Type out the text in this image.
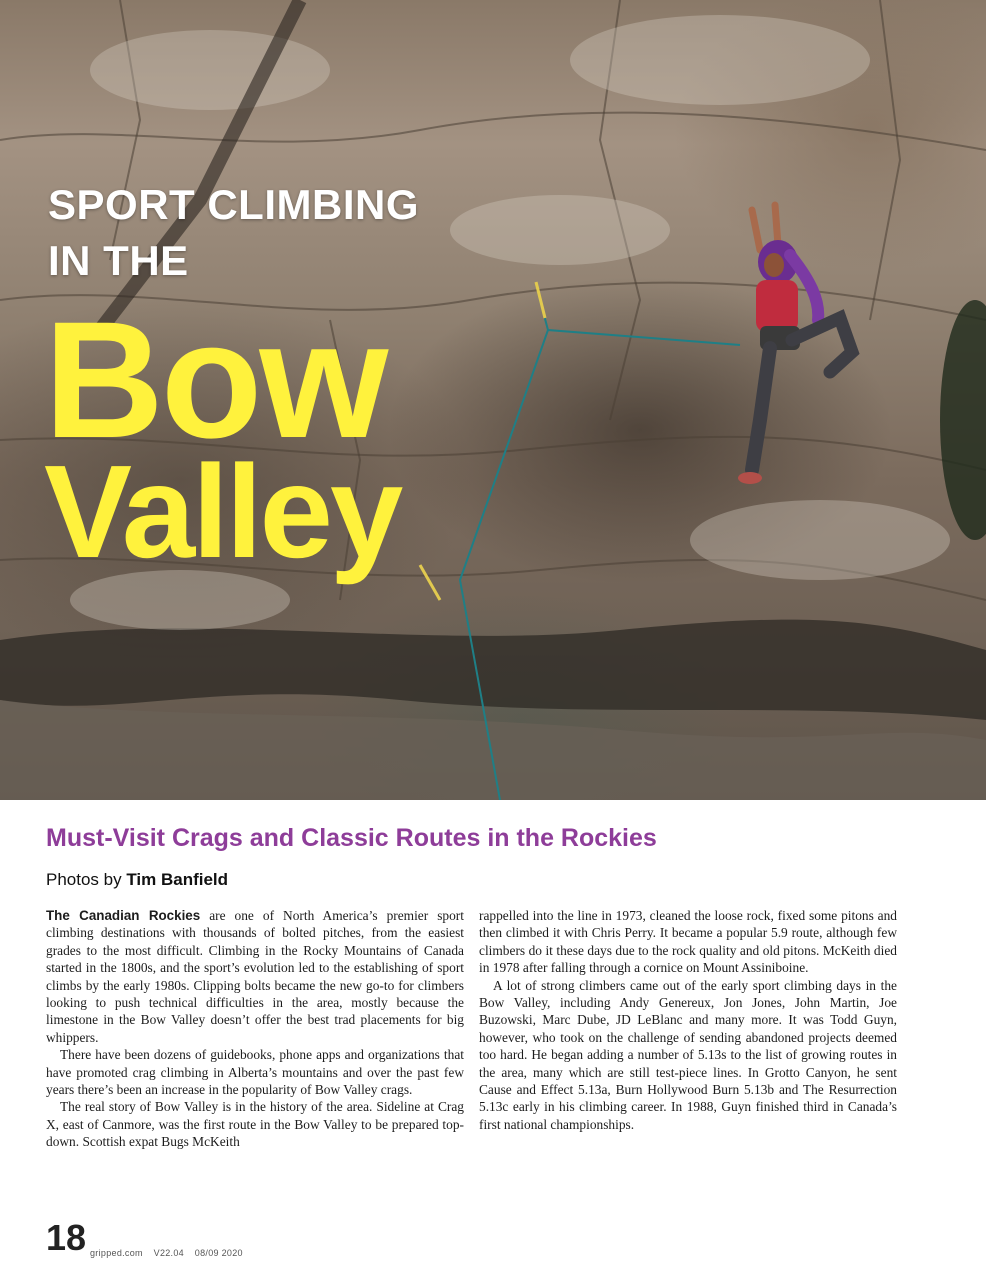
SPORT CLIMBING
IN THE
Bow
Valley
Must-Visit Crags and Classic Routes in the Rockies
Photos by Tim Banfield

The Canadian Rockies are one of North America’s premier sport climbing destinations with thousands of bolted pitches, from the easiest grades to the most difficult. Climbing in the Rocky Mountains of Canada started in the 1800s, and the sport’s evolution led to the establishing of sport climbs by the early 1980s. Clipping bolts became the new go-to for climbers looking to push technical difficulties in the area, mostly because the limestone in the Bow Valley doesn’t offer the best trad placements for big whippers.

There have been dozens of guidebooks, phone apps and organizations that have promoted crag climbing in Alberta’s mountains and over the past few years there’s been an increase in the popularity of Bow Valley crags.

The real story of Bow Valley is in the history of the area. Sideline at Crag X, east of Canmore, was the first route in the Bow Valley to be prepared top-down. Scottish expat Bugs McKeith

rappelled into the line in 1973, cleaned the loose rock, fixed some pitons and then climbed it with Chris Perry. It became a popular 5.9 route, although few climbers do it these days due to the rock quality and old pitons. McKeith died in 1978 after falling through a cornice on Mount Assiniboine.

A lot of strong climbers came out of the early sport climbing days in the Bow Valley, including Andy Genereux, Jon Jones, John Martin, Joe Buzowski, Marc Dube, JD LeBlanc and many more. It was Todd Guyn, however, who took on the challenge of sending abandoned projects deemed too hard. He began adding a number of 5.13s to the list of growing routes in the area, many which are still test-piece lines. In Grotto Canyon, he sent Cause and Effect 5.13a, Burn Hollywood Burn 5.13b and The Resurrection 5.13c early in his climbing career. In 1988, Guyn finished third in Canada’s first national championships.

18 gripped.com V22.04 08/09 2020
